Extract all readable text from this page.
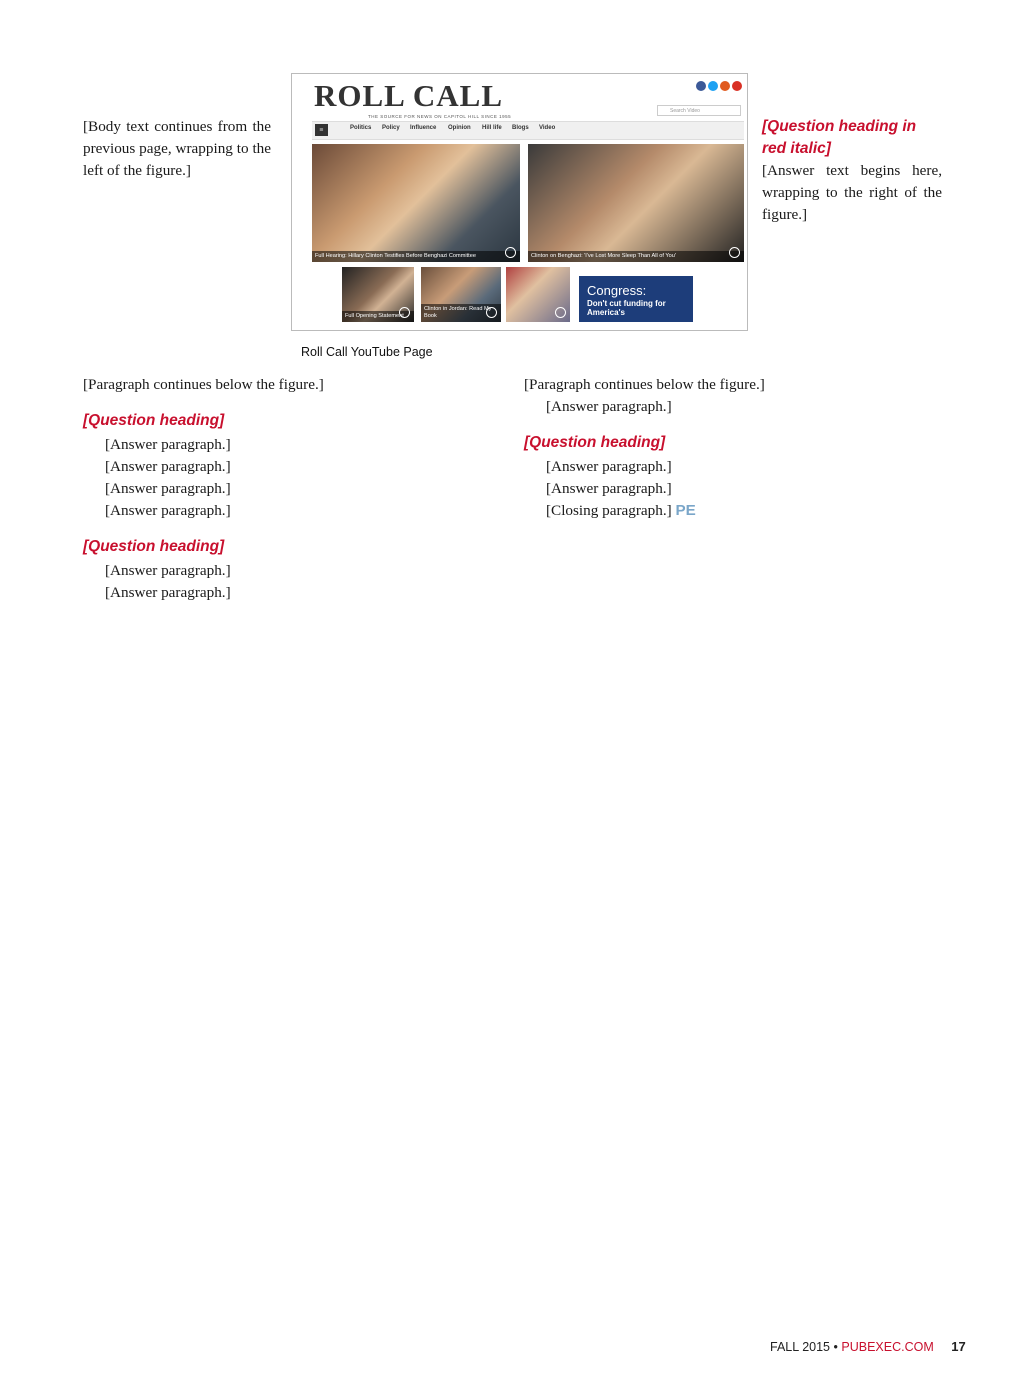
[Body text continues from the previous page, wrapping to the left of the figure.]

ROLL CALL
THE SOURCE FOR NEWS ON CAPITOL HILL SINCE 1955
Search Video
≡	Politics Policy Influence Opinion Hill life Blogs Video
Full Hearing: Hillary Clinton Testifies Before Benghazi Committee	Clinton on Benghazi: 'I've Lost More Sleep Than All of You'
Full Opening Statement
Clinton in Jordan: Read My Book
Congress:
Don't cut funding for America's
Roll Call YouTube Page
[Question heading in red italic]

[Answer text begins here, wrapping to the right of the figure.]

[Paragraph continues below the figure.]

[Question heading]

[Answer paragraph.]

[Answer paragraph.]

[Answer paragraph.]

[Answer paragraph.]

[Question heading]

[Answer paragraph.]

[Answer paragraph.]

[Paragraph continues below the figure.]

[Answer paragraph.]

[Question heading]

[Answer paragraph.]

[Answer paragraph.]

[Closing paragraph.] PE

FALL 2015 • PUBEXEC.COM 17
